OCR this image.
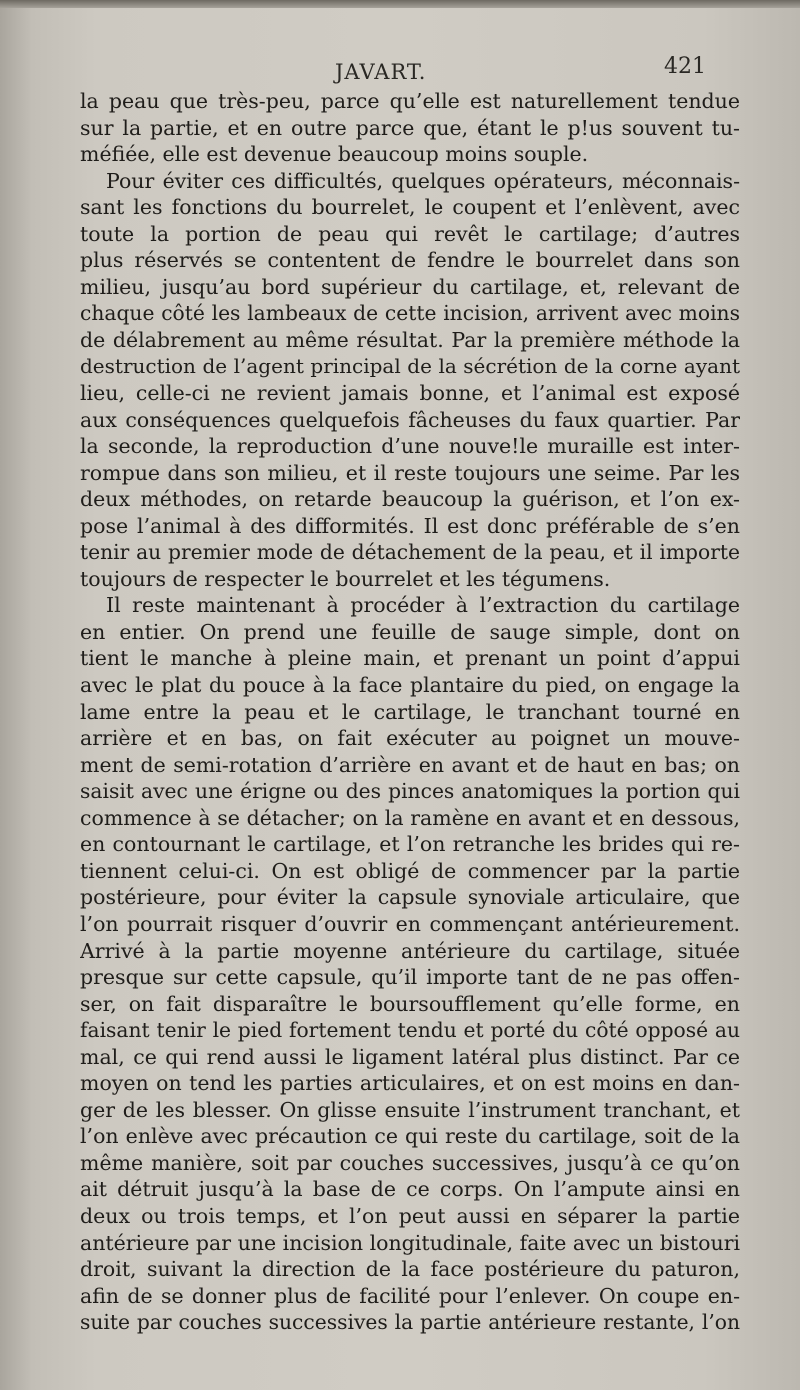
JAVART.	421
la peau que très-peu, parce qu’elle est naturellement tendue
sur la partie, et en outre parce que, étant le p!us souvent tu-
méfiée, elle est devenue beaucoup moins souple.
Pour éviter ces difficultés, quelques opérateurs, méconnais-
sant les fonctions du bourrelet, le coupent et l’enlèvent, avec
toute la portion de peau qui revêt le cartilage; d’autres
plus réservés se contentent de fendre le bourrelet dans son
milieu, jusqu’au bord supérieur du cartilage, et, relevant de
chaque côté les lambeaux de cette incision, arrivent avec moins
de délabrement au même résultat. Par la première méthode la
destruction de l’agent principal de la sécrétion de la corne ayant
lieu, celle-ci ne revient jamais bonne, et l’animal est exposé
aux conséquences quelquefois fâcheuses du faux quartier. Par
la seconde, la reproduction d’une nouve!le muraille est inter-
rompue dans son milieu, et il reste toujours une seime. Par les
deux méthodes, on retarde beaucoup la guérison, et l’on ex-
pose l’animal à des difformités. Il est donc préférable de s’en
tenir au premier mode de détachement de la peau, et il importe
toujours de respecter le bourrelet et les tégumens.
Il reste maintenant à procéder à l’extraction du cartilage
en entier. On prend une feuille de sauge simple, dont on
tient le manche à pleine main, et prenant un point d’appui
avec le plat du pouce à la face plantaire du pied, on engage la
lame entre la peau et le cartilage, le tranchant tourné en
arrière et en bas, on fait exécuter au poignet un mouve-
ment de semi-rotation d’arrière en avant et de haut en bas; on
saisit avec une érigne ou des pinces anatomiques la portion qui
commence à se détacher; on la ramène en avant et en dessous,
en contournant le cartilage, et l’on retranche les brides qui re-
tiennent celui-ci. On est obligé de commencer par la partie
postérieure, pour éviter la capsule synoviale articulaire, que
l’on pourrait risquer d’ouvrir en commençant antérieurement.
Arrivé à la partie moyenne antérieure du cartilage, située
presque sur cette capsule, qu’il importe tant de ne pas offen-
ser, on fait disparaître le boursoufflement qu’elle forme, en
faisant tenir le pied fortement tendu et porté du côté opposé au
mal, ce qui rend aussi le ligament latéral plus distinct. Par ce
moyen on tend les parties articulaires, et on est moins en dan-
ger de les blesser. On glisse ensuite l’instrument tranchant, et
l’on enlève avec précaution ce qui reste du cartilage, soit de la
même manière, soit par couches successives, jusqu’à ce qu’on
ait détruit jusqu’à la base de ce corps. On l’ampute ainsi en
deux ou trois temps, et l’on peut aussi en séparer la partie
antérieure par une incision longitudinale, faite avec un bistouri
droit, suivant la direction de la face postérieure du paturon,
afin de se donner plus de facilité pour l’enlever. On coupe en-
suite par couches successives la partie antérieure restante, l’on
